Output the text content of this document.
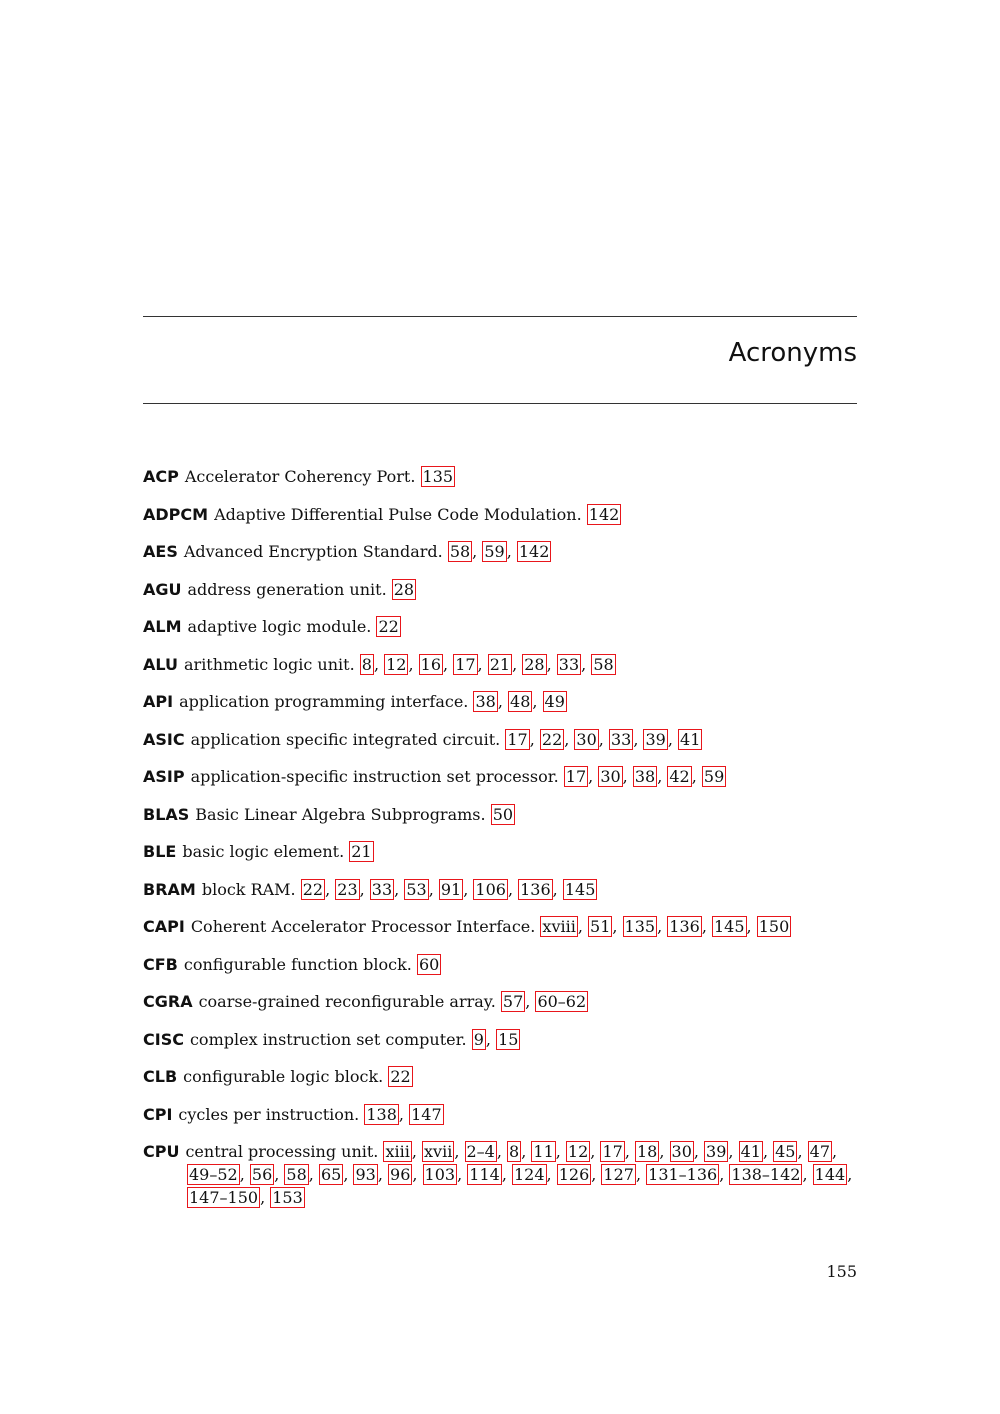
Acronyms
ACP Accelerator Coherency Port. 135
ADPCM Adaptive Differential Pulse Code Modulation. 142
AES Advanced Encryption Standard. 58 , 59 , 142
AGU address generation unit. 28
ALM adaptive logic module. 22
ALU arithmetic logic unit. 8 , 12 , 16 , 17 , 21 , 28 , 33 , 58
API application programming interface. 38 , 48 , 49
ASIC application specific integrated circuit. 17 , 22 , 30 , 33 , 39 , 41
ASIP application-specific instruction set processor. 17 , 30 , 38 , 42 , 59
BLAS Basic Linear Algebra Subprograms. 50
BLE basic logic element. 21
BRAM block RAM. 22 , 23 , 33 , 53 , 91 , 106 , 136 , 145
CAPI Coherent Accelerator Processor Interface. xviii , 51 , 135 , 136 , 145 , 150
CFB configurable function block. 60
CGRA coarse-grained reconfigurable array. 57 , 60–62
CISC complex instruction set computer. 9 , 15
CLB configurable logic block. 22
CPI cycles per instruction. 138 , 147
CPU central processing unit. xiii , xvii , 2–4 , 8 , 11 , 12 , 17 , 18 , 30 , 39 , 41 , 45 , 47 , 49–52 , 56 , 58 , 65 , 93 , 96 , 103 , 114 , 124 , 126 , 127 , 131–136 , 138–142 , 144 , 147–150 , 153
155
